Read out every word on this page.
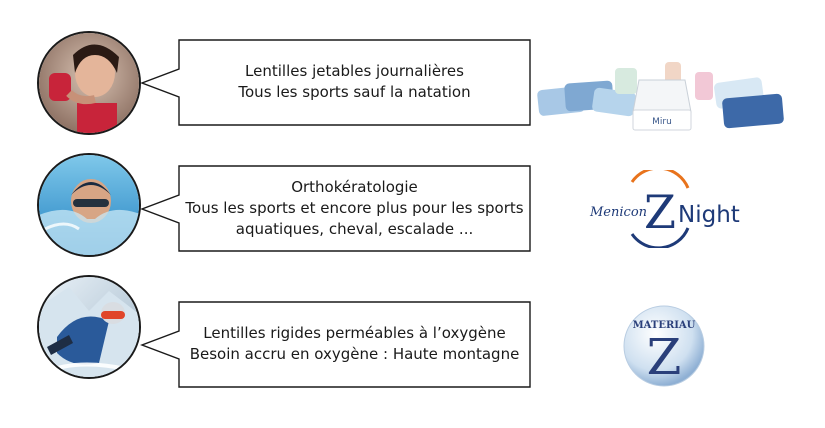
Lentilles jetables journalières
Tous les sports sauf la natation
Miru
Orthokératologie
Tous les sports et encore plus pour les sports
aquatiques, cheval, escalade ...
Menicon
Z Night
Lentilles rigides perméables à l’oxygène
Besoin accru en oxygène : Haute montagne
MATERIAU
Z
